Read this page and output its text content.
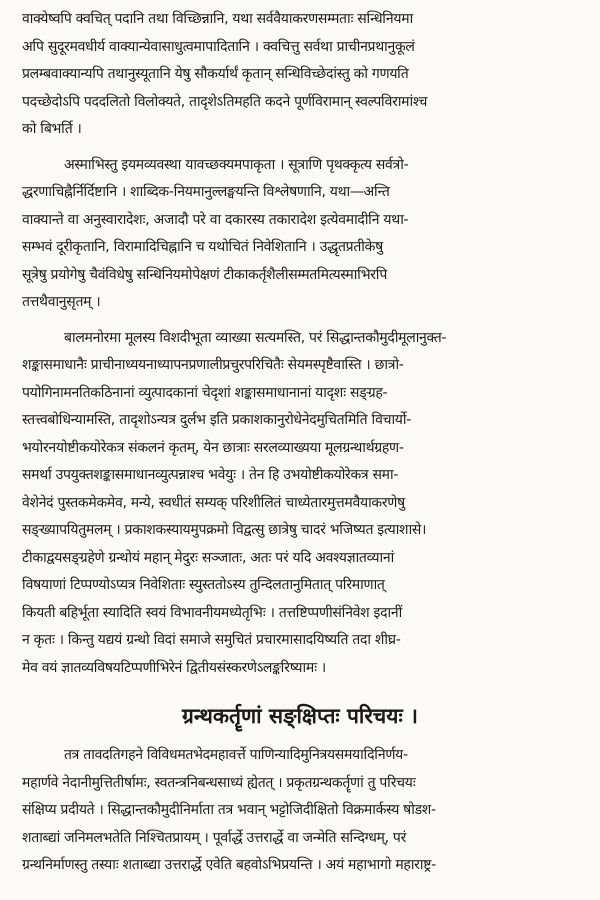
वाक्येष्वपि क्वचित् पदानि तथा विच्छिन्नानि, यथा सर्ववैयाकरणसम्मताः सन्धिनियमा
अपि सुदूरमवधीर्य वाक्यान्येवासाधुत्वमापादितानि । क्वचित्तु सर्वथा प्राचीनप्रथानुकूलं
प्रलम्बवाक्यान्यपि तथानुस्यूतानि येषु सौकर्यार्थं कृतान् सन्धिविच्छेदांस्तु को गणयति
पदच्छेदोऽपि पददलितो विलोक्यते, तादृशेऽतिमहति कदने पूर्णविरामान् स्वल्पविरामांश्च
को बिभर्ति ।
अस्माभिस्तु इयमव्यवस्था यावच्छक्यमपाकृता । सूत्राणि पृथक्कृत्य सर्वत्रो-
द्धरणाचिह्नैर्निर्दिष्टानि । शाब्दिक-नियमानुल्लङ्घयन्ति विश्लेषणानि, यथा—अन्ति
वाक्यान्ते वा अनुस्वारादेशः, अजादौ परे वा दकारस्य तकारादेश इत्येवमादीनि यथा-
सम्भवं दूरीकृतानि, विरामादिचिह्नानि च यथोचितं निवेशितानि । उद्धृतप्रतीकेषु
सूत्रेषु प्रयोगेषु चैवंविधेषु सन्धिनियमोपेक्षणं टीकाकर्तृशैलीसम्मतमित्यस्माभिरपि
तत्तथैवानुसृतम् ।
बालमनोरमा मूलस्य विशदीभूता व्याख्या सत्यमस्ति, परं सिद्धान्तकौमुदीमूलानुक्त-
शङ्कासमाधानैः प्राचीनाध्ययनाध्यापनप्रणालीप्रचुरपरिचितैः सेयमस्पृष्टैवास्ति । छात्रो-
पयोगिनामनतिकठिनानां व्युत्पादकानां चेदृशां शङ्कासमाधानानां यादृशः सङ्ग्रह-
स्तत्त्वबोधिन्यामस्ति, तादृशोऽन्यत्र दुर्लभ इति प्रकाशकानुरोधेनेदमुचितमिति विचार्यो-
भयोरनयोष्टीकयोरेकत्र संकलनं कृतम्, येन छात्राः सरलव्याख्यया मूलग्रन्थार्थग्रहण-
समर्था उपयुक्तशङ्कासमाधानव्युत्पन्नाश्च भवेयुः । तेन हि उभयोष्टीकयोरेकत्र समा-
वेशेनेदं पुस्तकमेकमेव, मन्ये, स्वधीतं सम्यक् परिशीलितं चाध्येतारमुत्तमवैयाकरणेषु
सङ्ख्यापयितुमलम् । प्रकाशकस्यायमुपक्रमो विद्वत्सु छात्रेषु चादरं भजिष्यत इत्याशासे।
टीकाद्वयसङ्ग्रहेणे ग्रन्थोयं महान् मेदुरः सञ्जातः, अतः परं यदि अवश्यज्ञातव्यानां
विषयाणां टिप्पण्योऽप्यत्र निवेशिताः स्युस्ततोऽस्य तुन्दिलतानुमितात् परिमाणात्
कियती बहिर्भूता स्यादिति स्वयं विभावनीयमध्येतृभिः । तत्तष्टिप्पणीसंनिवेश इदानीं
न कृतः । किन्तु यद्ययं ग्रन्थो विदां समाजे समुचितं प्रचारमासादयिष्यति तदा शीघ्र-
मेव वयं ज्ञातव्यविषयटिप्पणीभिरेनं द्वितीयसंस्करणेऽलङ्करिष्यामः ।
ग्रन्थकर्तॄणां सङ्क्षिप्तः परिचयः ।
तत्र तावदतिगहने विविधमतभेदमहावर्त्ते पाणिन्यादिमुनित्रयसमयादिनिर्णय-
महार्णवे नेदानीमुत्तितीर्षामः, स्वतन्त्रनिबन्धसाध्यं ह्येतत् । प्रकृतग्रन्थकर्तॄणां तु परिचयः
संक्षिप्य प्रदीयते । सिद्धान्तकौमुदीनिर्माता तत्र भवान् भट्टोजिदीक्षितो विक्रमार्कस्य षोडश-
शताब्द्यां जनिमलभतेति निश्चितप्रायम् । पूर्वार्द्धे उत्तरार्द्धे वा जन्मेति सन्दिग्धम्, परं
ग्रन्थनिर्माणस्तु तस्याः शताब्द्या उत्तरार्द्धे एवेति बहवोऽभिप्रयन्ति । अयं महाभागो महाराष्ट्र-
